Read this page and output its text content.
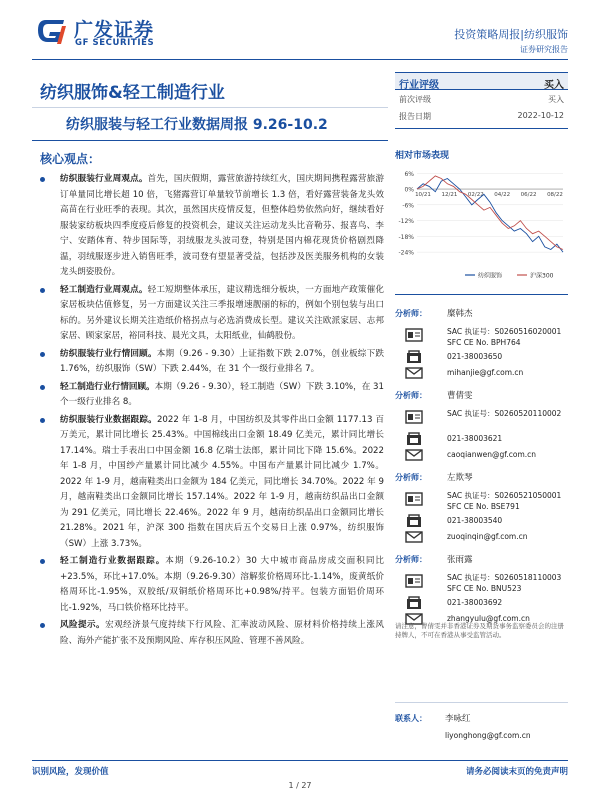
广发证券
GF SECURITIES
投资策略周报|纺织服饰
证券研究报告
纺织服饰&轻工制造行业
纺织服装与轻工行业数据周报 9.26-10.2
核心观点：
纺织服装行业周观点。首先，国庆假期，露营旅游持续红火，国庆期间携程露营旅游订单量同比增长超 10 倍，飞猪露营订单量较节前增长 1.3 倍，看好露营装备龙头效高苗在行业旺季的表现。其次，虽然国庆疫情反复，但整体趋势依然向好，继续看好服装家纺板块四季度疫后修复的投资机会，建议关注运动龙头比音勒芬、报喜鸟、李宁、安踏体育、特步国际等，羽绒服龙头波司登，特别是国内棉花现货价格剧烈降温，羽绒服逐步进入销售旺季，波司登有望显著受益，包括涉及医美服务机构的女装龙头朗姿股份。
轻工制造行业周观点。轻工短期整体承压，建议精选细分板块，一方面地产政策催化家居板块估值修复，另一方面建议关注三季报增速靓丽的标的，例如个别包装与出口标的。另外建议长期关注造纸价格拐点与必选消费成长型。建议关注欧派家居、志邦家居、顾家家居，裕同科技、晨光文具，太阳纸业，仙鹤股份。
纺织服装行业行情回顾。本期（9.26 - 9.30）上证指数下跌 2.07%，创业板综下跌 1.76%，纺织服饰（SW）下跌 2.44%，在 31 个一级行业排名 7。
轻工制造行业行情回顾。本期（9.26 - 9.30），轻工制造（SW）下跌 3.10%，在 31 个一级行业排名 8。
纺织服装行业数据跟踪。2022 年 1-8 月，中国纺织及其零件出口金额 1177.13 百万美元，累计同比增长 25.43%。中国棉线出口金额 18.49 亿美元，累计同比增长 17.14%。瑞士手表出口中国金额 16.8 亿瑞士法郎，累计同比下降 15.6%。2022 年 1-8 月，中国纱产量累计同比减少 4.55%。中国布产量累计同比减少 1.7%。2022 年 1-9 月，越南鞋类出口金额为 184 亿美元，同比增长 34.70%。2022 年 9 月，越南鞋类出口金额同比增长 157.14%。2022 年 1-9 月，越南纺织品出口金额为 291 亿美元，同比增长 22.46%。2022 年 9 月，越南纺织品出口金额同比增长 21.28%。2021 年，沪深 300 指数在国庆后五个交易日上涨 0.97%，纺织服饰（SW）上涨 3.73%。
轻工制造行业数据跟踪。本期（9.26-10.2）30 大中城市商品房成交面积同比+23.5%，环比+17.0%。本期（9.26-9.30）溶解浆价格周环比-1.14%，废黄纸价格周环比-1.95%，双胶纸/双铜纸价格周环比+0.98%/持平。包装方面铝价周环比-1.92%，马口铁价格环比持平。
风险提示。宏观经济景气度持续下行风险、汇率波动风险、原材料价格持续上涨风险、海外产能扩张不及预期风险、库存积压风险、管理不善风险。
行业评级	买入
前次评级	买入
报告日期	2022-10-12
相对市场表现
6%
0%
-6%
-12%
-18%
-24%
10/21 12/21 02/22 04/22 06/22 08/22
纺织服饰	沪深300
分析师： 糜韩杰
SAC 执证号：S0260516020001
SFC CE No. BPH764
021-38003650
mihanjie@gf.com.cn
分析师： 曹倩雯
SAC 执证号：S0260520110002
021-38003621
caoqianwen@gf.com.cn
分析师： 左欺琴
SAC 执证号：S0260521050001
SFC CE No. BSE791
021-38003540
zuoqinqin@gf.com.cn
分析师： 张雨露
SAC 执证号：S0260518110003
SFC CE No. BNU523
021-38003692
zhangyulu@gf.com.cn
请注意，曹倩雯并非香港证券及期货事务监察委员会的注册持牌人，不可在香港从事受监管活动。
联系人： 李咏红
liyonghong@gf.com.cn
识别风险，发现价值	请务必阅读末页的免责声明
1 / 27
